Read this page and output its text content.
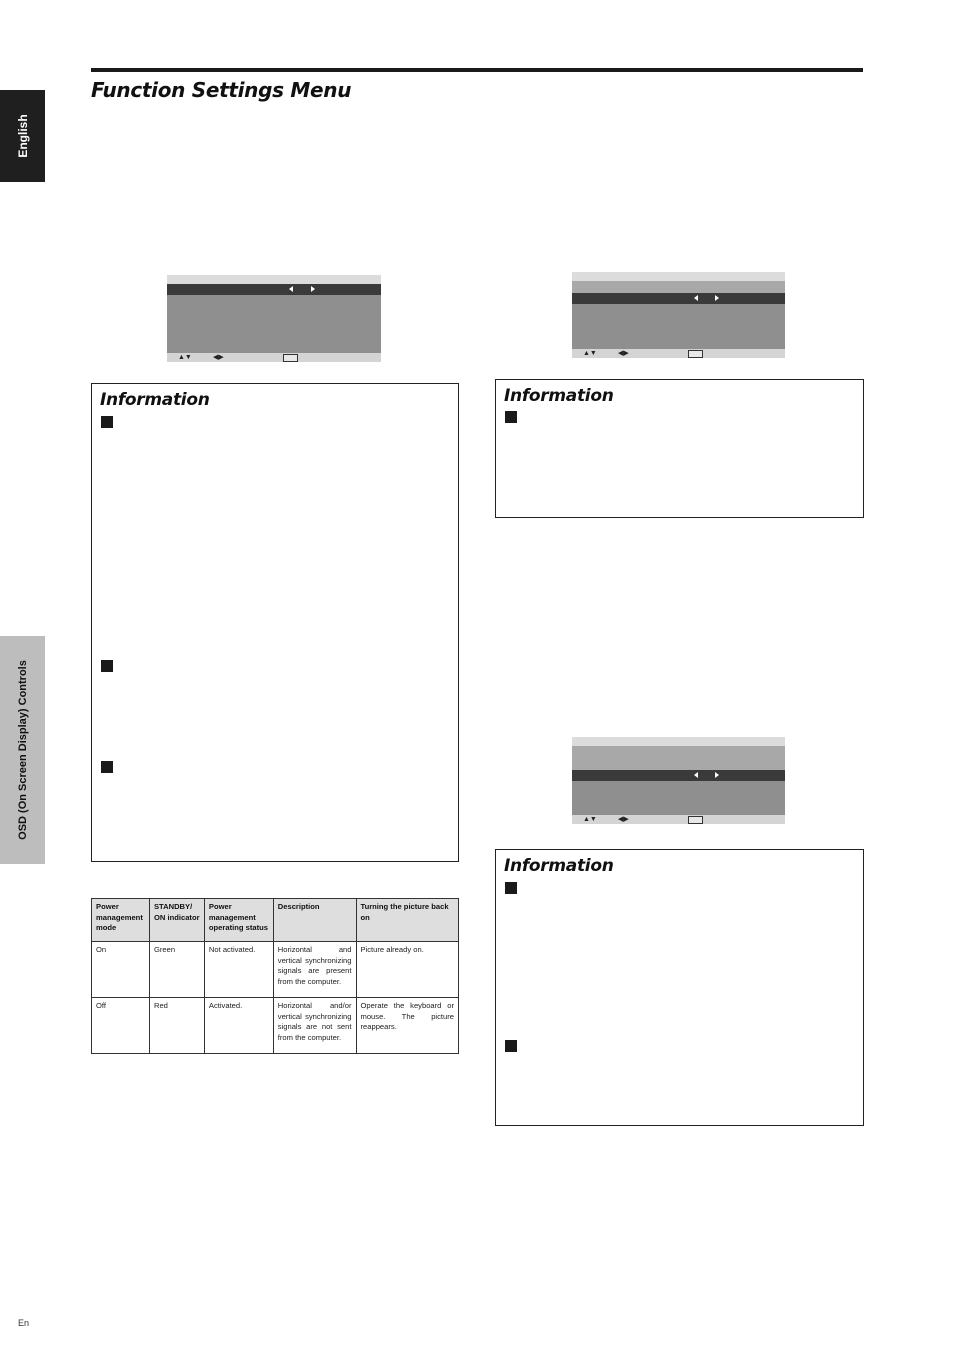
English
OSD (On Screen Display) Controls
Function Settings Menu
▲▼	◀▶
▲▼	◀▶
▲▼	◀▶
Information	Information
Information
Power management mode	STANDBY/ ON indicator	Power management operating status	Description	Turning the picture back on
On	Green	Not activated.	Horizontal and vertical synchronizing signals are present from the computer.	Picture already on.
Off	Red	Activated.	Horizontal and/or vertical synchronizing signals are not sent from the computer.	Operate the keyboard or mouse. The picture reappears.
En
